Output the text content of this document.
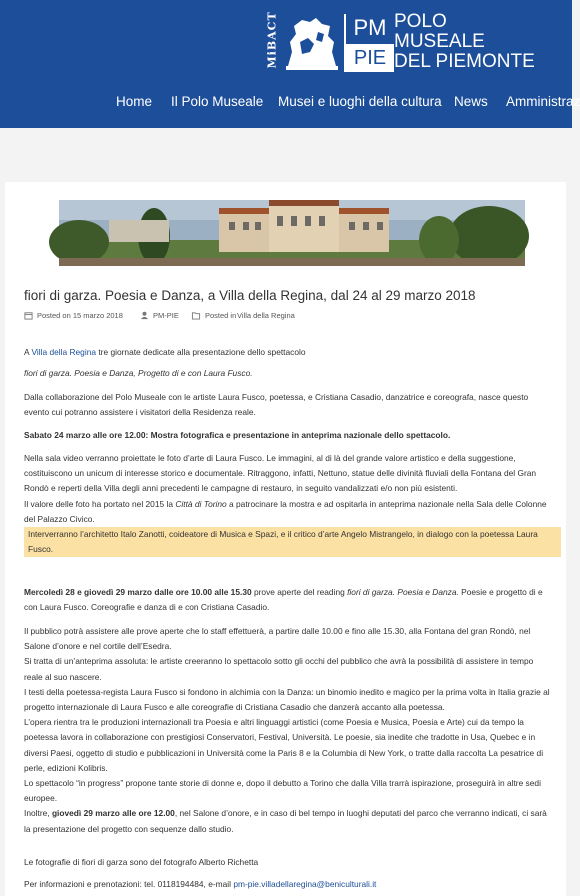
MiBACT	PM
PIE
POLO
MUSEALE
DEL PIEMONTE
Home Il Polo Museale Musei e luoghi della cultura News Amministraz
fiori di garza. Poesia e Danza, a Villa della Regina, dal 24 al 29 marzo 2018
Posted on 15 marzo 2018	PM-PIE	Posted in Villa della Regina

A Villa della Regina tre giornate dedicate alla presentazione dello spettacolo

fiori di garza. Poesia e Danza, Progetto di e con Laura Fusco.

Dalla collaborazione del Polo Museale con le artiste Laura Fusco, poetessa, e Cristiana Casadio, danzatrice e coreografa, nasce questo evento cui potranno assistere i visitatori della Residenza reale.

Sabato 24 marzo alle ore 12.00: Mostra fotografica e presentazione in anteprima nazionale dello spettacolo.

Nella sala video verranno proiettate le foto d’arte di Laura Fusco. Le immagini, al di là del grande valore artistico e della suggestione, costituiscono un unicum di interesse storico e documentale. Ritraggono, infatti, Nettuno, statue delle divinità fluviali della Fontana del Gran Rondò e reperti della Villa degli anni precedenti le campagne di restauro, in seguito vandalizzati e/o non più esistenti.

Il valore delle foto ha portato nel 2015 la Città di Torino a patrocinare la mostra e ad ospitarla in anteprima nazionale nella Sala delle Colonne del Palazzo Civico.

Interverranno l’architetto Italo Zanotti, coideatore di Musica e Spazi, e il critico d’arte Angelo Mistrangelo, in dialogo con la poetessa Laura Fusco.

Mercoledì 28 e giovedì 29 marzo dalle ore 10.00 alle 15.30 prove aperte del reading fiori di garza. Poesia e Danza. Poesie e progetto di e con Laura Fusco. Coreografie e danza di e con Cristiana Casadio.

Il pubblico potrà assistere alle prove aperte che lo staff effettuerà, a partire dalle 10.00 e fino alle 15.30, alla Fontana del gran Rondò, nel Salone d’onore e nel cortile dell’Esedra.

Si tratta di un’anteprima assoluta: le artiste creeranno lo spettacolo sotto gli occhi del pubblico che avrà la possibilità di assistere in tempo reale al suo nascere.

I testi della poetessa-regista Laura Fusco si fondono in alchimia con la Danza: un binomio inedito e magico per la prima volta in Italia grazie al progetto internazionale di Laura Fusco e alle coreografie di Cristiana Casadio che danzerà accanto alla poetessa.

L’opera rientra tra le produzioni internazionali tra Poesia e altri linguaggi artistici (come Poesia e Musica, Poesia e Arte) cui da tempo la poetessa lavora in collaborazione con prestigiosi Conservatori, Festival, Università. Le poesie, sia inedite che tradotte in Usa, Quebec e in diversi Paesi, oggetto di studio e pubblicazioni in Università come la Paris 8 e la Columbia di New York, o tratte dalla raccolta La pesatrice di perle, edizioni Kolibris.

Lo spettacolo “in progress” propone tante storie di donne e, dopo il debutto a Torino che dalla Villa trarrà ispirazione, proseguirà in altre sedi europee.

Inoltre, giovedì 29 marzo alle ore 12.00, nel Salone d’onore, e in caso di bel tempo in luoghi deputati del parco che verranno indicati, ci sarà la presentazione del progetto con sequenze dallo studio.

Le fotografie di fiori di garza sono del fotografo Alberto Richetta

Per informazioni e prenotazioni: tel. 0118194484, e-mail pm-pie.villadellaregina@beniculturali.it
